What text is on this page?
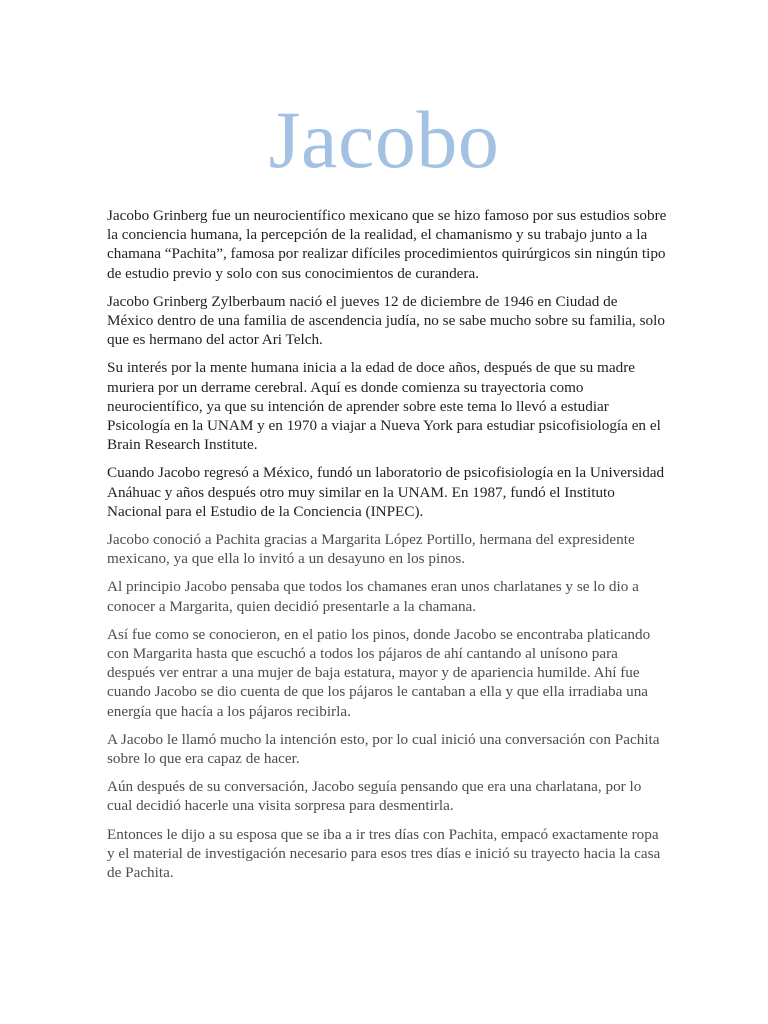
Jacobo

Jacobo Grinberg fue un neurocientífico mexicano que se hizo famoso por sus estudios sobre la conciencia humana, la percepción de la realidad, el chamanismo y su trabajo junto a la chamana “Pachita”, famosa por realizar difíciles procedimientos quirúrgicos sin ningún tipo de estudio previo y solo con sus conocimientos de curandera.

Jacobo Grinberg Zylberbaum nació el jueves 12 de diciembre de 1946 en Ciudad de México dentro de una familia de ascendencia judía, no se sabe mucho sobre su familia, solo que es hermano del actor Ari Telch.

Su interés por la mente humana inicia a la edad de doce años, después de que su madre muriera por un derrame cerebral. Aquí es donde comienza su trayectoria como neurocientífico, ya que su intención de aprender sobre este tema lo llevó a estudiar Psicología en la UNAM y en 1970 a viajar a Nueva York para estudiar psicofisiología en el Brain Research Institute.

Cuando Jacobo regresó a México, fundó un laboratorio de psicofisiología en la Universidad Anáhuac y años después otro muy similar en la UNAM. En 1987, fundó el Instituto Nacional para el Estudio de la Conciencia (INPEC).

Jacobo conoció a Pachita gracias a Margarita López Portillo, hermana del expresidente mexicano, ya que ella lo invitó a un desayuno en los pinos.

Al principio Jacobo pensaba que todos los chamanes eran unos charlatanes y se lo dio a conocer a Margarita, quien decidió presentarle a la chamana.

Así fue como se conocieron, en el patio los pinos, donde Jacobo se encontraba platicando con Margarita hasta que escuchó a todos los pájaros de ahí cantando al unísono para después ver entrar a una mujer de baja estatura, mayor y de apariencia humilde. Ahí fue cuando Jacobo se dio cuenta de que los pájaros le cantaban a ella y que ella irradiaba una energía que hacía a los pájaros recibirla.

A Jacobo le llamó mucho la intención esto, por lo cual inició una conversación con Pachita sobre lo que era capaz de hacer.

Aún después de su conversación, Jacobo seguía pensando que era una charlatana, por lo cual decidió hacerle una visita sorpresa para desmentirla.

Entonces le dijo a su esposa que se iba a ir tres días con Pachita, empacó exactamente ropa y el material de investigación necesario para esos tres días e inició su trayecto hacia la casa de Pachita.
